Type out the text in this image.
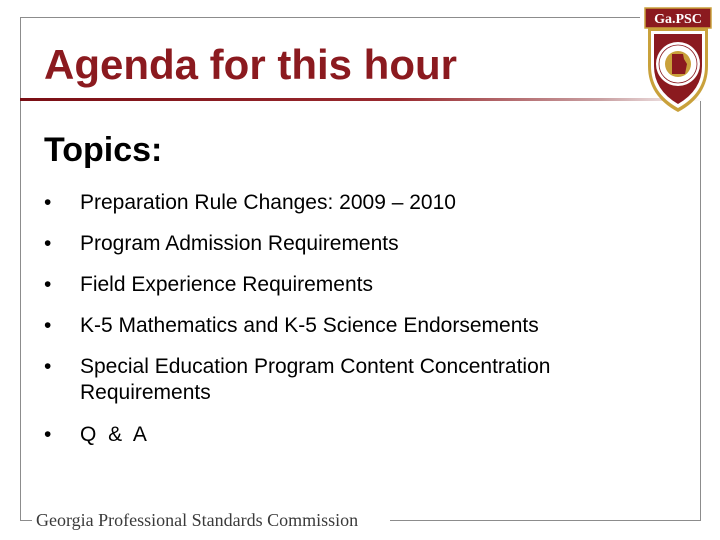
Agenda for this hour
Ga.PSC
Topics:
•	Preparation Rule Changes: 2009 – 2010
•	Program Admission Requirements
•	Field Experience Requirements
•	K-5 Mathematics and K-5 Science Endorsements
•	Special Education Program Content Concentration Requirements
•	Q & A
Georgia Professional Standards Commission
